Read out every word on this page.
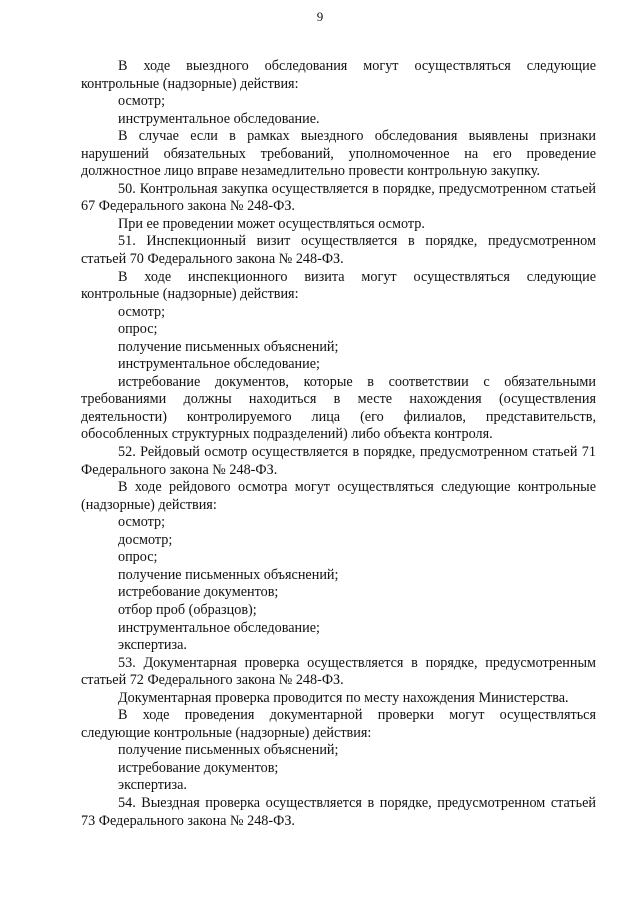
9

В ходе выездного обследования могут осуществляться следующие контрольные (надзорные) действия:

осмотр;

инструментальное обследование.

В случае если в рамках выездного обследования выявлены признаки нарушений обязательных требований, уполномоченное на его проведение должностное лицо вправе незамедлительно провести контрольную закупку.

50. Контрольная закупка осуществляется в порядке, предусмотренном статьей 67 Федерального закона № 248-ФЗ.

При ее проведении может осуществляться осмотр.

51. Инспекционный визит осуществляется в порядке, предусмотренном статьей 70 Федерального закона № 248-ФЗ.

В ходе инспекционного визита могут осуществляться следующие контрольные (надзорные) действия:

осмотр;

опрос;

получение письменных объяснений;

инструментальное обследование;

истребование документов, которые в соответствии с обязательными требованиями должны находиться в месте нахождения (осуществления деятельности) контролируемого лица (его филиалов, представительств, обособленных структурных подразделений) либо объекта контроля.

52. Рейдовый осмотр осуществляется в порядке, предусмотренном статьей 71 Федерального закона № 248-ФЗ.

В ходе рейдового осмотра могут осуществляться следующие контрольные (надзорные) действия:

осмотр;

досмотр;

опрос;

получение письменных объяснений;

истребование документов;

отбор проб (образцов);

инструментальное обследование;

экспертиза.

53. Документарная проверка осуществляется в порядке, предусмотренным статьей 72 Федерального закона № 248-ФЗ.

Документарная проверка проводится по месту нахождения Министерства.

В ходе проведения документарной проверки могут осуществляться следующие контрольные (надзорные) действия:

получение письменных объяснений;

истребование документов;

экспертиза.

54. Выездная проверка осуществляется в порядке, предусмотренном статьей 73 Федерального закона № 248-ФЗ.
